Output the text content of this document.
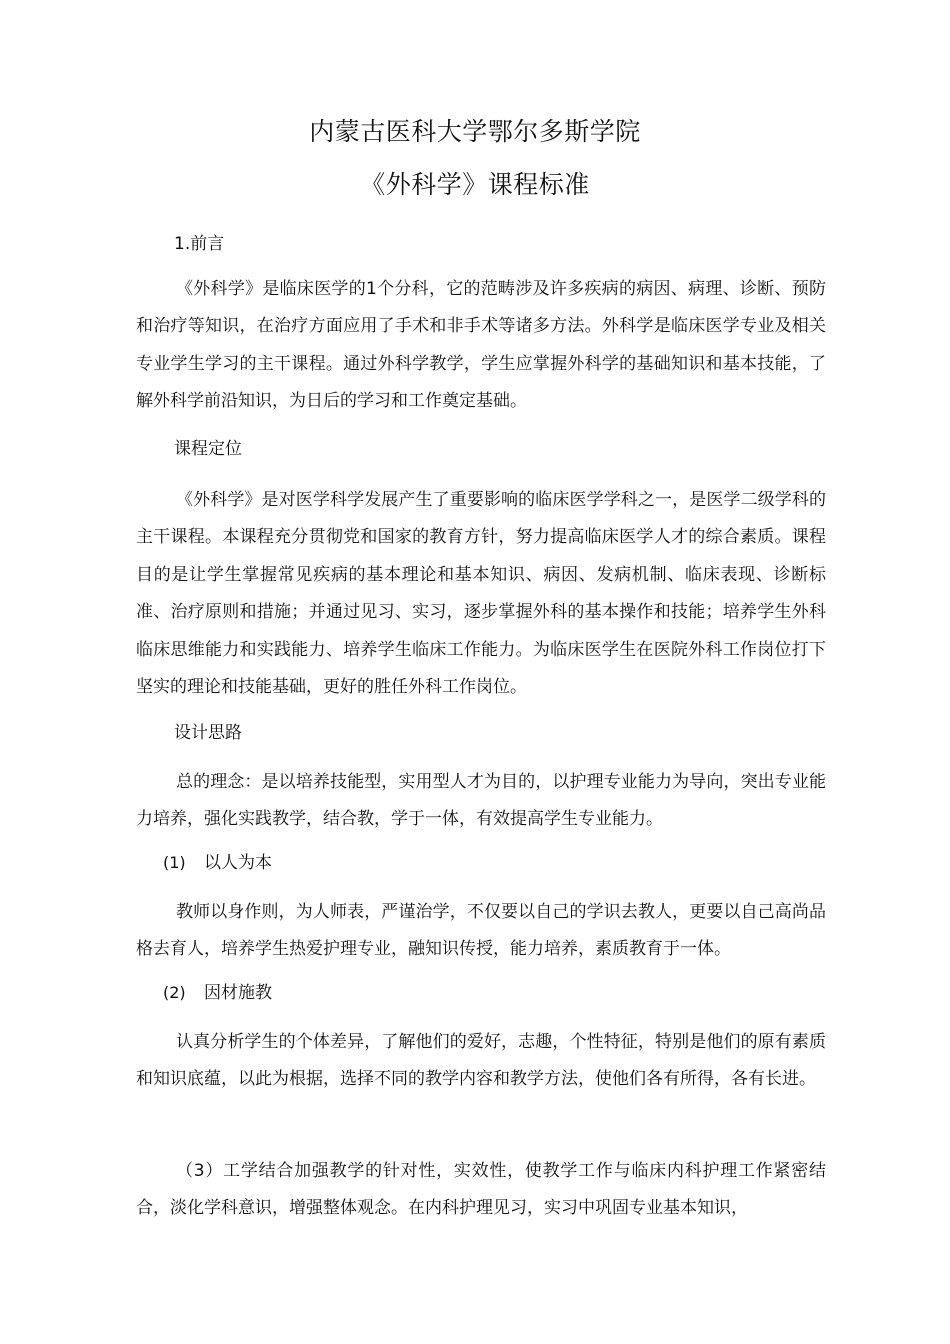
内蒙古医科大学鄂尔多斯学院
《外科学》课程标准
1.前言
《外科学》是临床医学的1个分科，它的范畴涉及许多疾病的病因、病理、诊断、预防和治疗等知识，在治疗方面应用了手术和非手术等诸多方法。外科学是临床医学专业及相关专业学生学习的主干课程。通过外科学教学，学生应掌握外科学的基础知识和基本技能，了解外科学前沿知识，为日后的学习和工作奠定基础。
课程定位
《外科学》是对医学科学发展产生了重要影响的临床医学学科之一，是医学二级学科的主干课程。本课程充分贯彻党和国家的教育方针，努力提高临床医学人才的综合素质。课程目的是让学生掌握常见疾病的基本理论和基本知识、病因、发病机制、临床表现、诊断标准、治疗原则和措施；并通过见习、实习，逐步掌握外科的基本操作和技能；培养学生外科临床思维能力和实践能力、培养学生临床工作能力。为临床医学生在医院外科工作岗位打下坚实的理论和技能基础，更好的胜任外科工作岗位。
设计思路
总的理念：是以培养技能型，实用型人才为目的，以护理专业能力为导向，突出专业能力培养，强化实践教学，结合教，学于一体，有效提高学生专业能力。
(1) 以人为本
教师以身作则，为人师表，严谨治学，不仅要以自己的学识去教人，更要以自己高尚品格去育人，培养学生热爱护理专业，融知识传授，能力培养，素质教育于一体。
(2) 因材施教
认真分析学生的个体差异，了解他们的爱好，志趣，个性特征，特别是他们的原有素质和知识底蕴，以此为根据，选择不同的教学内容和教学方法，使他们各有所得，各有长进。
（3）工学结合加强教学的针对性，实效性，使教学工作与临床内科护理工作紧密结合，淡化学科意识，增强整体观念。在内科护理见习，实习中巩固专业基本知识，
